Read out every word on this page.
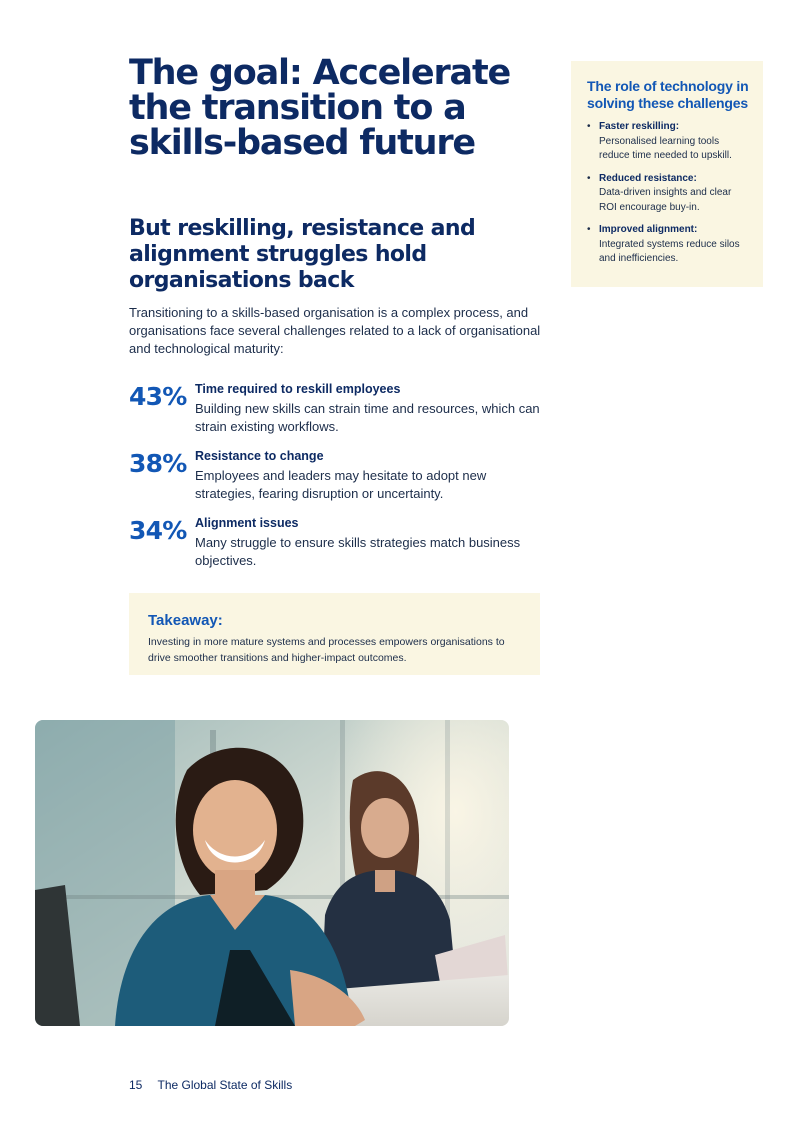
The goal: Accelerate the transition to a skills-based future
But reskilling, resistance and alignment struggles hold organisations back

Transitioning to a skills-based organisation is a complex process, and organisations face several challenges related to a lack of organisational and technological maturity:

43% Time required to reskill employees
Building new skills can strain time and resources, which can strain existing workflows.
38% Resistance to change
Employees and leaders may hesitate to adopt new strategies, fearing disruption or uncertainty.
34% Alignment issues
Many struggle to ensure skills strategies match business objectives.
Takeaway:
Investing in more mature systems and processes empowers organisations to drive smoother transitions and higher-impact outcomes.
The role of technology in solving these challenges
• Faster reskilling:
Personalised learning tools reduce time needed to upskill.
• Reduced resistance:
Data-driven insights and clear ROI encourage buy-in.
• Improved alignment:
Integrated systems reduce silos and inefficiencies.
15 The Global State of Skills
